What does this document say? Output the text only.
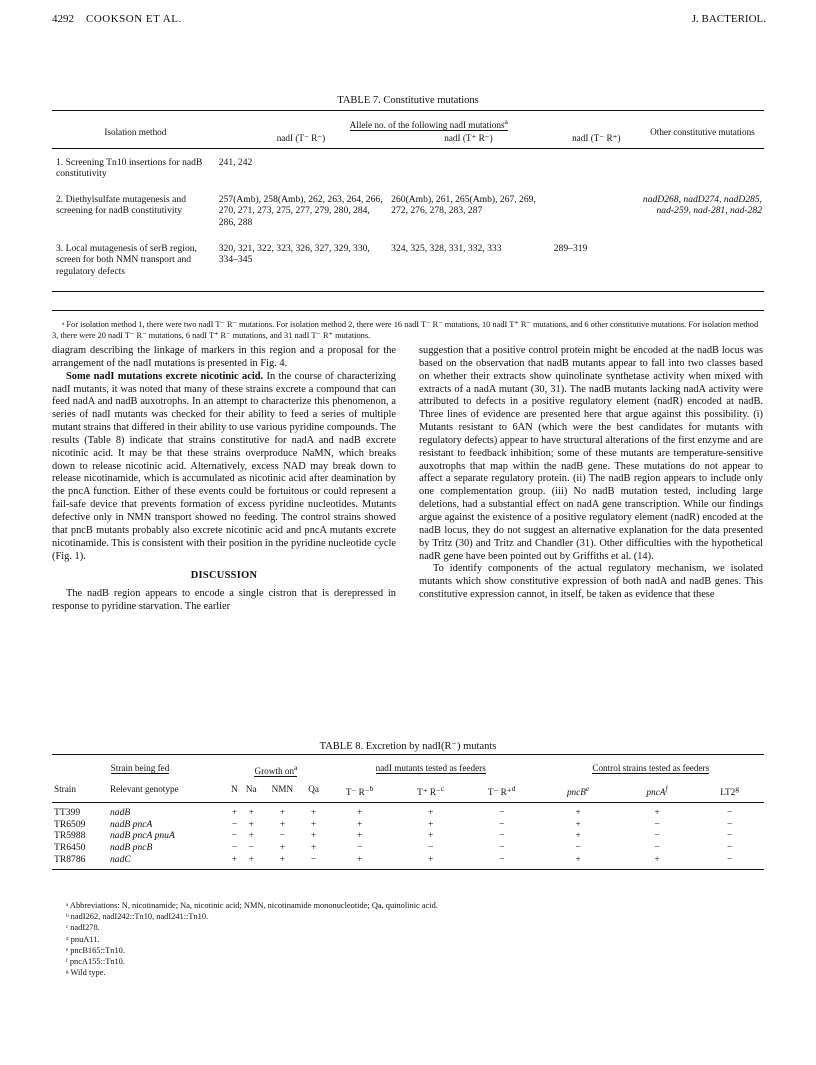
4292 COOKSON ET AL.	J. BACTERIOL.
TABLE 7. Constitutive mutations
Isolation method	Allele no. of the following nadI mutations$^a$			Other constitutive mutations
	nadI (T⁻ R⁻)	nadI (T⁺ R⁻)	nadI (T⁻ R⁺)	
1. Screening Tn10 insertions for nadB constitutivity	241, 242			
2. Diethylsulfate mutagenesis and screening for nadB constitutivity	257(Amb), 258(Amb), 262, 263, 264, 266, 270, 271, 273, 275, 277, 279, 280, 284, 286, 288	260(Amb), 261, 265(Amb), 267, 269, 272, 276, 278, 283, 287		nadD268, nadD274, nadD285, nad-259, nad-281, nad-282
3. Local mutagenesis of serB region, screen for both NMN transport and regulatory defects	320, 321, 322, 323, 326, 327, 329, 330, 334–345	324, 325, 328, 331, 332, 333	289–319	
ᵃ For isolation method 1, there were two nadI T⁻ R⁻ mutations. For isolation method 2, there were 16 nadI T⁻ R⁻ mutations, 10 nadI T⁺ R⁻ mutations, and 6 other constitutive mutations. For isolation method 3, there were 20 nadI T⁻ R⁻ mutations, 6 nadI T⁺ R⁻ mutations, and 31 nadI T⁻ R⁺ mutations.

diagram describing the linkage of markers in this region and a proposal for the arrangement of the nadI mutations is presented in Fig. 4.

Some nadI mutations excrete nicotinic acid. In the course of characterizing nadI mutants, it was noted that many of these strains excrete a compound that can feed nadA and nadB auxotrophs. In an attempt to characterize this phenomenon, a series of nadI mutants was checked for their ability to feed a series of multiple mutant strains that differed in their ability to use various pyridine compounds. The results (Table 8) indicate that strains constitutive for nadA and nadB excrete nicotinic acid. It may be that these strains overproduce NaMN, which breaks down to release nicotinic acid. Alternatively, excess NAD may break down to release nicotinamide, which is accumulated as nicotinic acid after deamination by the pncA function. Either of these events could be fortuitous or could represent a fail-safe device that prevents formation of excess pyridine nucleotides. Mutants defective only in NMN transport showed no feeding. The control strains showed that pncB mutants probably also excrete nicotinic acid and pncA mutants excrete nicotinamide. This is consistent with their position in the pyridine nucleotide cycle (Fig. 1).

DISCUSSION

The nadB region appears to encode a single cistron that is derepressed in response to pyridine starvation. The earlier

suggestion that a positive control protein might be encoded at the nadB locus was based on the observation that nadB mutants appear to fall into two classes based on whether their extracts show quinolinate synthetase activity when mixed with extracts of a nadA mutant (30, 31). The nadB mutants lacking nadA activity were attributed to defects in a positive regulatory element (nadR) encoded at nadB. Three lines of evidence are presented here that argue against this possibility. (i) Mutants resistant to 6AN (which were the best candidates for mutants with regulatory defects) appear to have structural alterations of the first enzyme and are resistant to feedback inhibition; some of these mutants are temperature-sensitive auxotrophs that map within the nadB gene. These mutations do not appear to affect a separate regulatory protein. (ii) The nadB region appears to include only one complementation group. (iii) No nadB mutation tested, including large deletions, had a substantial effect on nadA gene transcription. While our findings argue against the existence of a positive regulatory element (nadR) encoded at the nadB locus, they do not suggest an alternative explanation for the data presented by Tritz (30) and Tritz and Chandler (31). Other difficulties with the hypothetical nadR gene have been pointed out by Griffiths et al. (14).

To identify components of the actual regulatory mechanism, we isolated mutants which show constitutive expression of both nadA and nadB genes. This constitutive expression cannot, in itself, be taken as evidence that these

TABLE 8. Excretion by nadI(R⁻) mutants
Strain being fed		Growth $on^a$				nadI mutants tested as feeders			Control strains tested as feeders		
Strain	Relevant genotype	N	Na	NMN	Qa	T⁻ R⁻$^b$	T⁺ R⁻$^c$	T⁻ R⁺$^d$	pncB$^e$	pncA$^f$	LT2$^g$
TT399	nadB	+	+	+	+	+	+	−	+	+	−
TR6509	nadB pncA	−	+	+	+	+	+	−	+	−	−
TR5988	nadB pncA pnuA	−	+	−	+	+	+	−	+	−	−
TR6450	nadB pncB	−	−	+	+	−	−	−	−	−	−
TR8786	nadC	+	+	+	−	+	+	−	+	+	−
ᵃ Abbreviations: N, nicotinamide; Na, nicotinic acid; NMN, nicotinamide mononucleotide; Qa, quinolinic acid.
ᵇ nadI262, nadI242::Tn10, nadI241::Tn10.
ᶜ nadI278.
ᵈ pnuA11.
ᵉ pncB165::Tn10.
ᶠ pncA155::Tn10.
ᵍ Wild type.
